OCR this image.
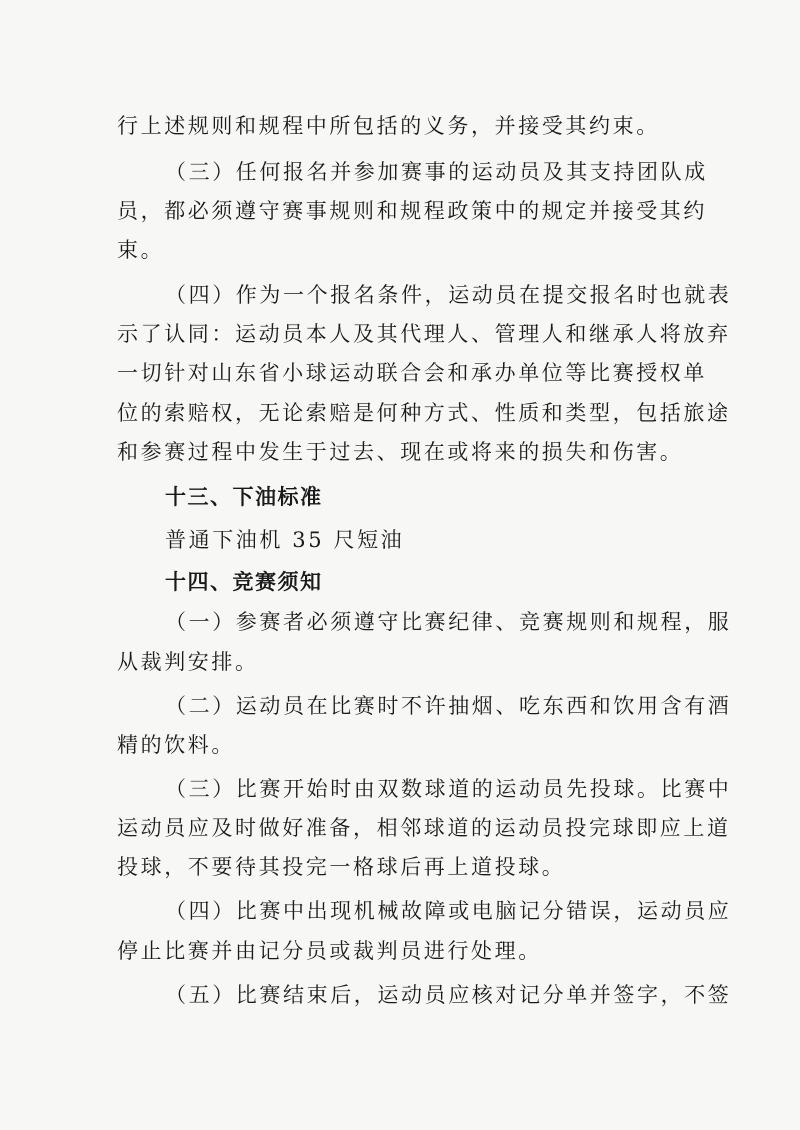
行上述规则和规程中所包括的义务，并接受其约束。
（三）任何报名并参加赛事的运动员及其支持团队成
员，都必须遵守赛事规则和规程政策中的规定并接受其约
束。
（四）作为一个报名条件，运动员在提交报名时也就表
示了认同：运动员本人及其代理人、管理人和继承人将放弃
一切针对山东省小球运动联合会和承办单位等比赛授权单
位的索赔权，无论索赔是何种方式、性质和类型，包括旅途
和参赛过程中发生于过去、现在或将来的损失和伤害。
十三、下油标准
普通下油机 35 尺短油
十四、竞赛须知
（一）参赛者必须遵守比赛纪律、竞赛规则和规程，服
从裁判安排。
（二）运动员在比赛时不许抽烟、吃东西和饮用含有酒
精的饮料。
（三）比赛开始时由双数球道的运动员先投球。比赛中
运动员应及时做好准备，相邻球道的运动员投完球即应上道
投球，不要待其投完一格球后再上道投球。
（四）比赛中出现机械故障或电脑记分错误，运动员应
停止比赛并由记分员或裁判员进行处理。
（五）比赛结束后，运动员应核对记分单并签字，不签
